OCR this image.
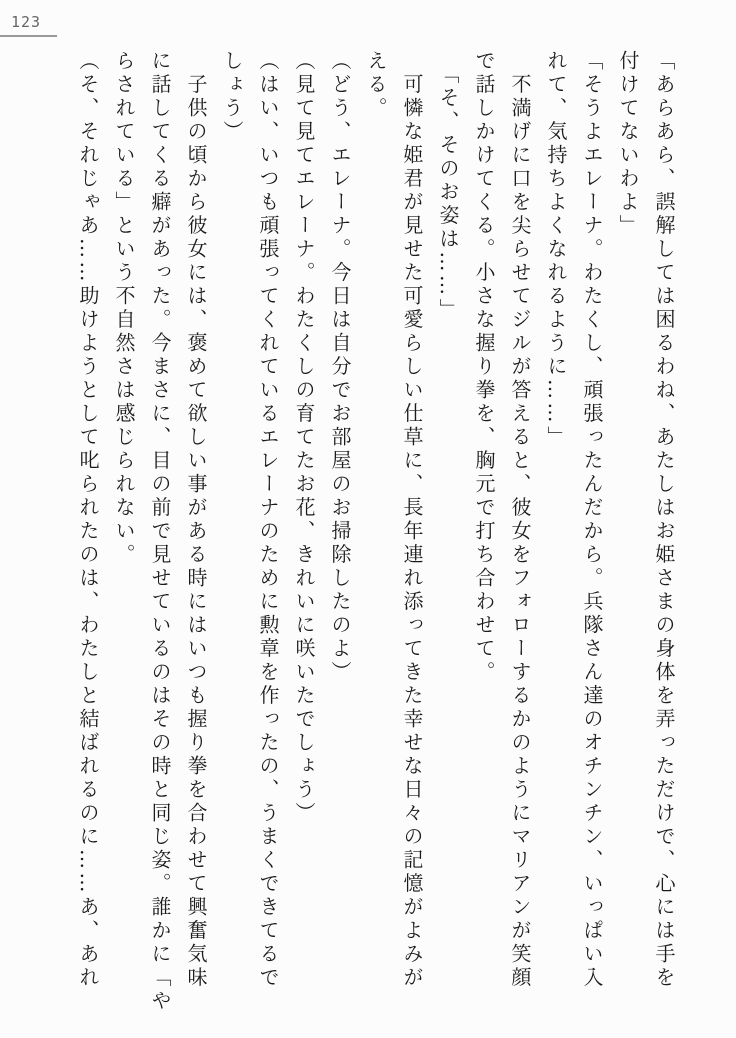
123

「あらあら、誤解しては困るわね、あたしはお姫さまの身体を弄っただけで、心には手を

付けてないわよ」

「そうよエレーナ。わたくし、頑張ったんだから。兵隊さん達のオチンチン、いっぱい入

れて、気持ちよくなれるように……」

　不満げに口を尖らせてジルが答えると、彼女をフォローするかのようにマリアンが笑顔

で話しかけてくる。小さな握り拳を、胸元で打ち合わせて。

　「そ、そのお姿は……」

　可憐な姫君が見せた可愛らしい仕草に、長年連れ添ってきた幸せな日々の記憶がよみが

える。

（どう、エレーナ。今日は自分でお部屋のお掃除したのよ）

（見て見てエレーナ。わたくしの育てたお花、きれいに咲いたでしょう）

（はい、いつも頑張ってくれているエレーナのために勲章を作ったの、うまくできてるで

しょう）

　子供の頃から彼女には、褒めて欲しい事がある時にはいつも握り拳を合わせて興奮気味

に話してくる癖があった。今まさに、目の前で見せているのはその時と同じ姿。誰かに「や

らされている」という不自然さは感じられない。

（そ、それじゃあ……助けようとして叱られたのは、わたしと結ばれるのに……あ、あれ
